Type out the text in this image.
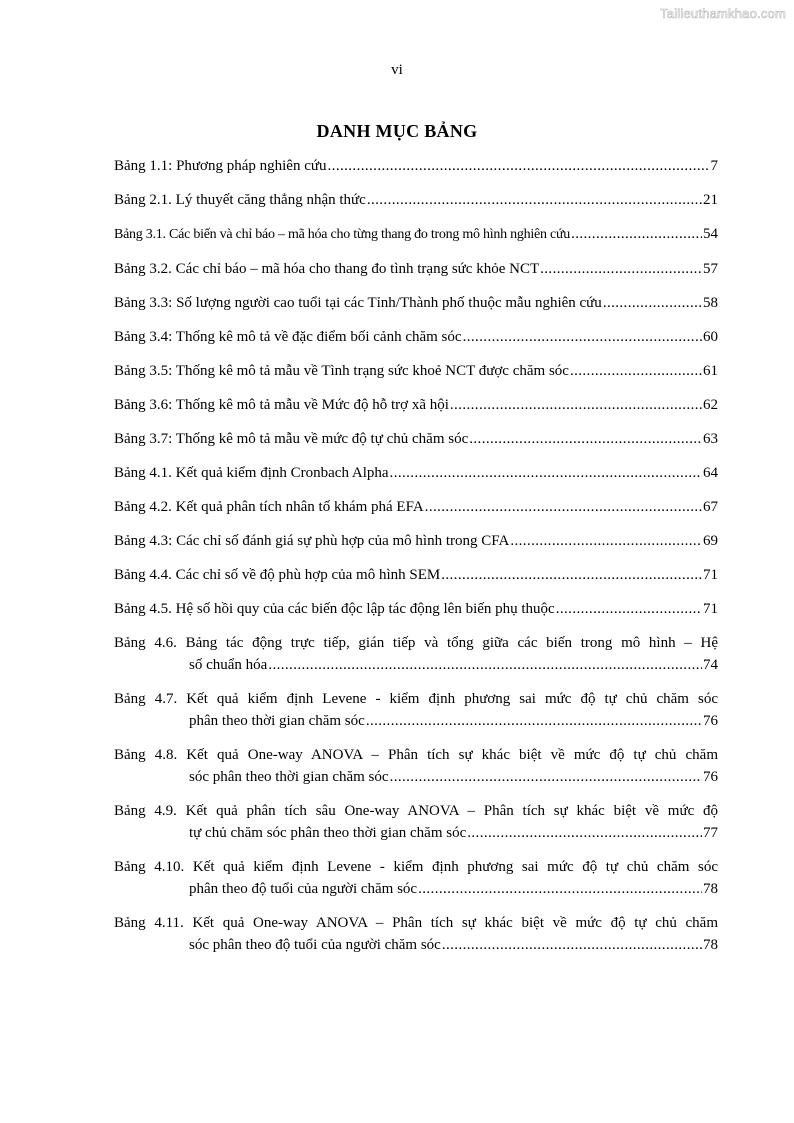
Tailieuthamkhao.com
vi
DANH MỤC BẢNG
Bảng 1.1: Phương pháp nghiên cứu .....	7
Bảng 2.1. Lý thuyết căng thẳng nhận thức .....	21
Bảng 3.1. Các biến và chỉ báo – mã hóa cho từng thang đo trong mô hình nghiên cứu .....	54
Bảng 3.2. Các chỉ báo – mã hóa cho thang đo tình trạng sức khỏe NCT .....	57
Bảng 3.3: Số lượng người cao tuổi tại các Tỉnh/Thành phố thuộc mẫu nghiên cứu .....	58
Bảng 3.4: Thống kê mô tả về đặc điểm bối cảnh chăm sóc .....	60
Bảng 3.5: Thống kê mô tả mẫu về Tình trạng sức khoẻ NCT được chăm sóc .....	61
Bảng 3.6: Thống kê mô tả mẫu về Mức độ hỗ trợ xã hội .....	62
Bảng 3.7: Thống kê mô tả mẫu về mức độ tự chủ chăm sóc .....	63
Bảng 4.1. Kết quả kiểm định Cronbach Alpha .....	64
Bảng 4.2. Kết quả phân tích nhân tố khám phá EFA .....	67
Bảng 4.3: Các chỉ số đánh giá sự phù hợp của mô hình trong CFA .....	69
Bảng 4.4. Các chỉ số về độ phù hợp của mô hình SEM .....	71
Bảng 4.5. Hệ số hồi quy của các biến độc lập tác động lên biến phụ thuộc .....	71
Bảng 4.6. Bảng tác động trực tiếp, gián tiếp và tổng giữa các biến trong mô hình – Hệ
số chuẩn hóa .....	74
Bảng 4.7. Kết quả kiểm định Levene - kiểm định phương sai mức độ tự chủ chăm sóc
phân theo thời gian chăm sóc .....	76
Bảng 4.8. Kết quả One-way ANOVA – Phân tích sự khác biệt về mức độ tự chủ chăm
sóc phân theo thời gian chăm sóc .....	76
Bảng 4.9. Kết quả phân tích sâu One-way ANOVA – Phân tích sự khác biệt về mức độ
tự chủ chăm sóc phân theo thời gian chăm sóc .....	77
Bảng 4.10. Kết quả kiểm định Levene - kiểm định phương sai mức độ tự chủ chăm sóc
phân theo độ tuổi của người chăm sóc .....	78
Bảng 4.11. Kết quả One-way ANOVA – Phân tích sự khác biệt về mức độ tự chủ chăm
sóc phân theo độ tuổi của người chăm sóc .....	78
